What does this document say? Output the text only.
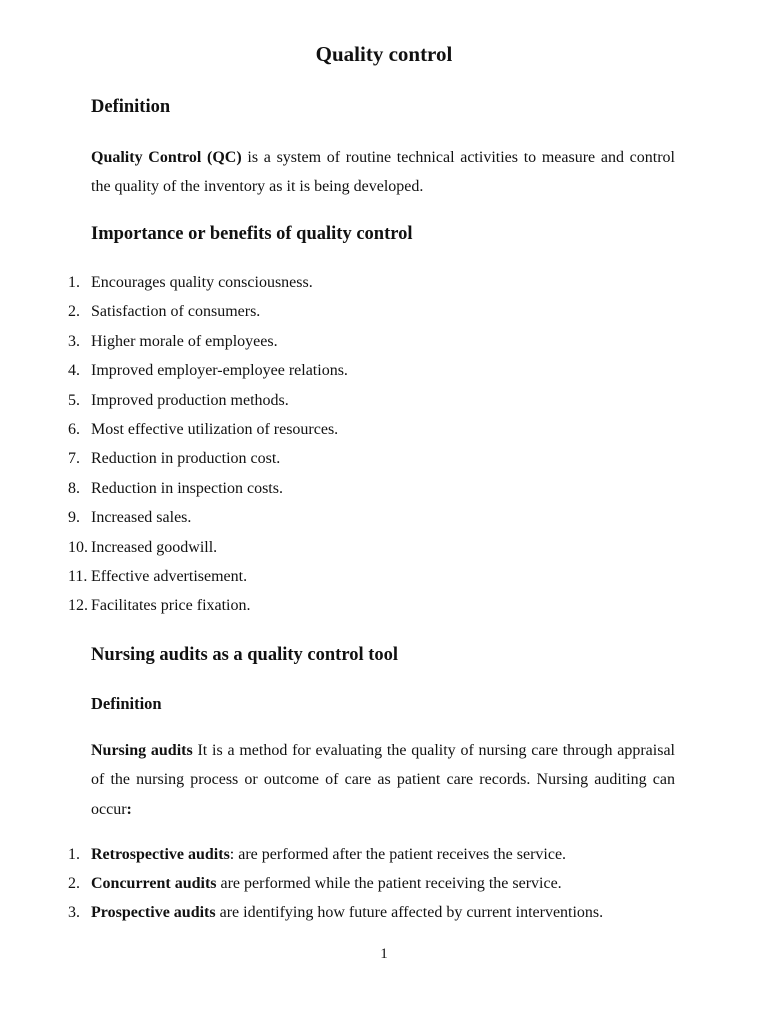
Quality control
Definition
Quality Control (QC) is a system of routine technical activities to measure and control the quality of the inventory as it is being developed.
Importance or benefits of quality control
1. Encourages quality consciousness.
2. Satisfaction of consumers.
3. Higher morale of employees.
4. Improved employer-employee relations.
5. Improved production methods.
6. Most effective utilization of resources.
7. Reduction in production cost.
8. Reduction in inspection costs.
9. Increased sales.
10. Increased goodwill.
11. Effective advertisement.
12. Facilitates price fixation.
Nursing audits as a quality control tool
Definition
Nursing audits It is a method for evaluating the quality of nursing care through appraisal of the nursing process or outcome of care as patient care records. Nursing auditing can occur:
1. Retrospective audits: are performed after the patient receives the service.
2. Concurrent audits are performed while the patient receiving the service.
3. Prospective audits are identifying how future affected by current interventions.
1
